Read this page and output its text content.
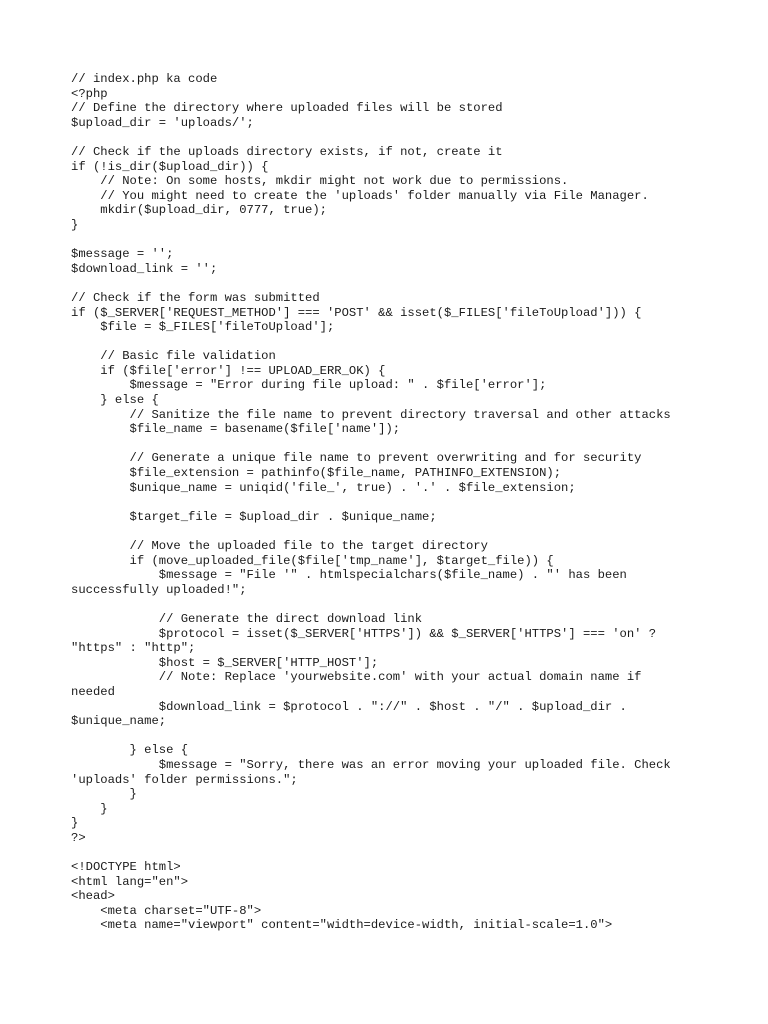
// index.php ka code
<?php
// Define the directory where uploaded files will be stored
$upload_dir = 'uploads/';
// Check if the uploads directory exists, if not, create it
if (!is_dir($upload_dir)) {
// Note: On some hosts, mkdir might not work due to permissions.
// You might need to create the 'uploads' folder manually via File Manager.
mkdir($upload_dir, 0777, true);
}
$message = '';
$download_link = '';
// Check if the form was submitted
if ($_SERVER['REQUEST_METHOD'] === 'POST' && isset($_FILES['fileToUpload'])) {
$file = $_FILES['fileToUpload'];
// Basic file validation
if ($file['error'] !== UPLOAD_ERR_OK) {
$message = "Error during file upload: " . $file['error'];
} else {
// Sanitize the file name to prevent directory traversal and other attacks
$file_name = basename($file['name']);
// Generate a unique file name to prevent overwriting and for security
$file_extension = pathinfo($file_name, PATHINFO_EXTENSION);
$unique_name = uniqid('file_', true) . '.' . $file_extension;
$target_file = $upload_dir . $unique_name;
// Move the uploaded file to the target directory
if (move_uploaded_file($file['tmp_name'], $target_file)) {
$message = "File '" . htmlspecialchars($file_name) . "' has been
successfully uploaded!";
// Generate the direct download link
$protocol = isset($_SERVER['HTTPS']) && $_SERVER['HTTPS'] === 'on' ?
"https" : "http";
$host = $_SERVER['HTTP_HOST'];
// Note: Replace 'yourwebsite.com' with your actual domain name if
needed
$download_link = $protocol . "://" . $host . "/" . $upload_dir .
$unique_name;
} else {
$message = "Sorry, there was an error moving your uploaded file. Check
'uploads' folder permissions.";
}
}
}
?>
<!DOCTYPE html>
<html lang="en">
<head>
<meta charset="UTF-8">
<meta name="viewport" content="width=device-width, initial-scale=1.0">
